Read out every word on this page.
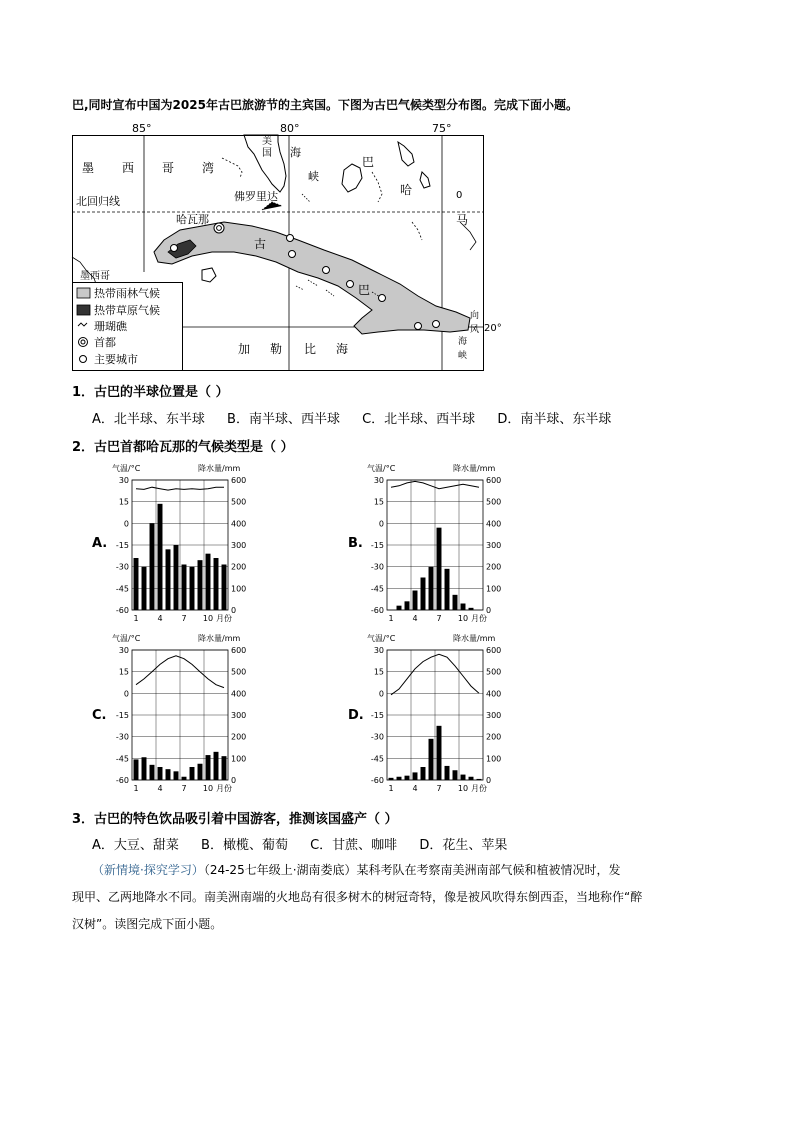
巴,同时宣布中国为2025年古巴旅游节的主宾国。下图为古巴气候类型分布图。完成下面小题。
85°	80°	75°
20°
墨 西 哥 湾
美
国
北回归线	佛罗里达
海
峡
巴
哈
马
0
哈瓦那
古
巴
墨西哥
加 勒 比 海
向
风
海
峡
热带雨林气候
热带草原气候
珊瑚礁
首都
主要城市
1．古巴的半球位置是（ ）
A．北半球、东半球 B．南半球、西半球 C．北半球、西半球 D．南半球、东半球
2．古巴首都哈瓦那的气候类型是（ ）
A.	B.
C.	D.
气温/°C	降水量/mm
30
15
0
-15
-30
-45
-60
600
500
400
300
200
100
0
1 4 7 10 月份
气温/°C	降水量/mm
30
15
0
-15
-30
-45
-60
600
500
400
300
200
100
0
1 4 7 10 月份
气温/°C	降水量/mm
30
15
0
-15
-30
-45
-60
600
500
400
300
200
100
0
1 4 7 10 月份
气温/°C	降水量/mm
30
15
0
-15
-30
-45
-60
600
500
400
300
200
100
0
1 4 7 10 月份
3．古巴的特色饮品吸引着中国游客，推测该国盛产（ ）
A．大豆、甜菜 B．橄榄、葡萄 C．甘蔗、咖啡 D．花生、苹果
（新情境·探究学习）（24-25七年级上·湖南娄底）某科考队在考察南美洲南部气候和植被情况时，发
现甲、乙两地降水不同。南美洲南端的火地岛有很多树木的树冠奇特，像是被风吹得东倒西歪，当地称作“醉
汉树”。读图完成下面小题。
